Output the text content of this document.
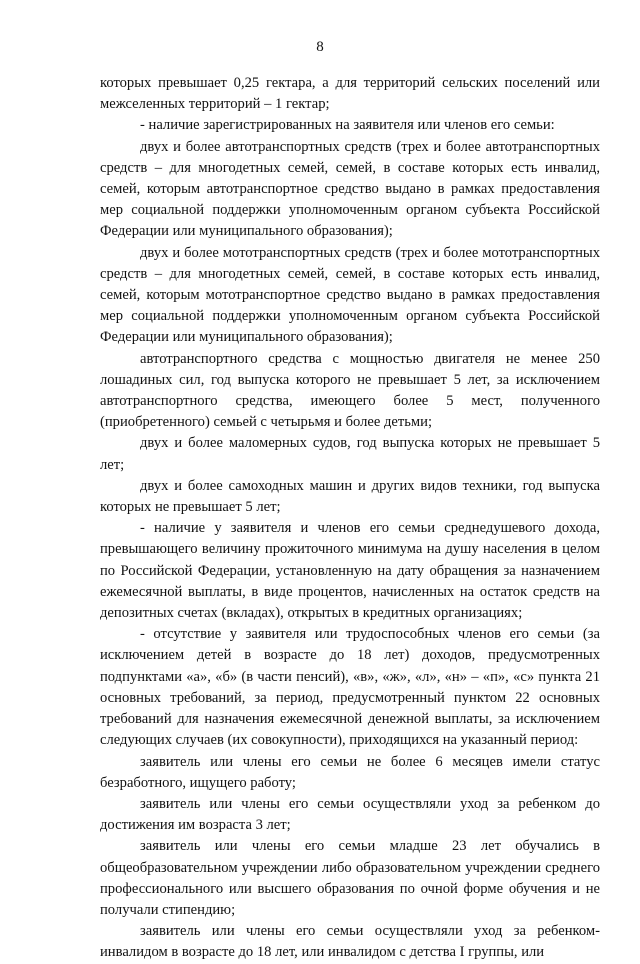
8

которых превышает 0,25 гектара, а для территорий сельских поселений или межселенных территорий – 1 гектар;

- наличие зарегистрированных на заявителя или членов его семьи:

двух и более автотранспортных средств (трех и более автотранспортных средств – для многодетных семей, семей, в составе которых есть инвалид, семей, которым автотранспортное средство выдано в рамках предоставления мер социальной поддержки уполномоченным органом субъекта Российской Федерации или муниципального образования);

двух и более мототранспортных средств (трех и более мототранспортных средств – для многодетных семей, семей, в составе которых есть инвалид, семей, которым мототранспортное средство выдано в рамках предоставления мер социальной поддержки уполномоченным органом субъекта Российской Федерации или муниципального образования);

автотранспортного средства с мощностью двигателя не менее 250 лошадиных сил, год выпуска которого не превышает 5 лет, за исключением автотранспортного средства, имеющего более 5 мест, полученного (приобретенного) семьей с четырьмя и более детьми;

двух и более маломерных судов, год выпуска которых не превышает 5 лет;

двух и более самоходных машин и других видов техники, год выпуска которых не превышает 5 лет;

- наличие у заявителя и членов его семьи среднедушевого дохода, превышающего величину прожиточного минимума на душу населения в целом по Российской Федерации, установленную на дату обращения за назначением ежемесячной выплаты, в виде процентов, начисленных на остаток средств на депозитных счетах (вкладах), открытых в кредитных организациях;

- отсутствие у заявителя или трудоспособных членов его семьи (за исключением детей в возрасте до 18 лет) доходов, предусмотренных подпунктами «а», «б» (в части пенсий), «в», «ж», «л», «н» – «п», «с» пункта 21 основных требований, за период, предусмотренный пунктом 22 основных требований для назначения ежемесячной денежной выплаты, за исключением следующих случаев (их совокупности), приходящихся на указанный период:

заявитель или члены его семьи не более 6 месяцев имели статус безработного, ищущего работу;

заявитель или члены его семьи осуществляли уход за ребенком до достижения им возраста 3 лет;

заявитель или члены его семьи младше 23 лет обучались в общеобразовательном учреждении либо образовательном учреждении среднего профессионального или высшего образования по очной форме обучения и не получали стипендию;

заявитель или члены его семьи осуществляли уход за ребенком-инвалидом в возрасте до 18 лет, или инвалидом с детства I группы, или
